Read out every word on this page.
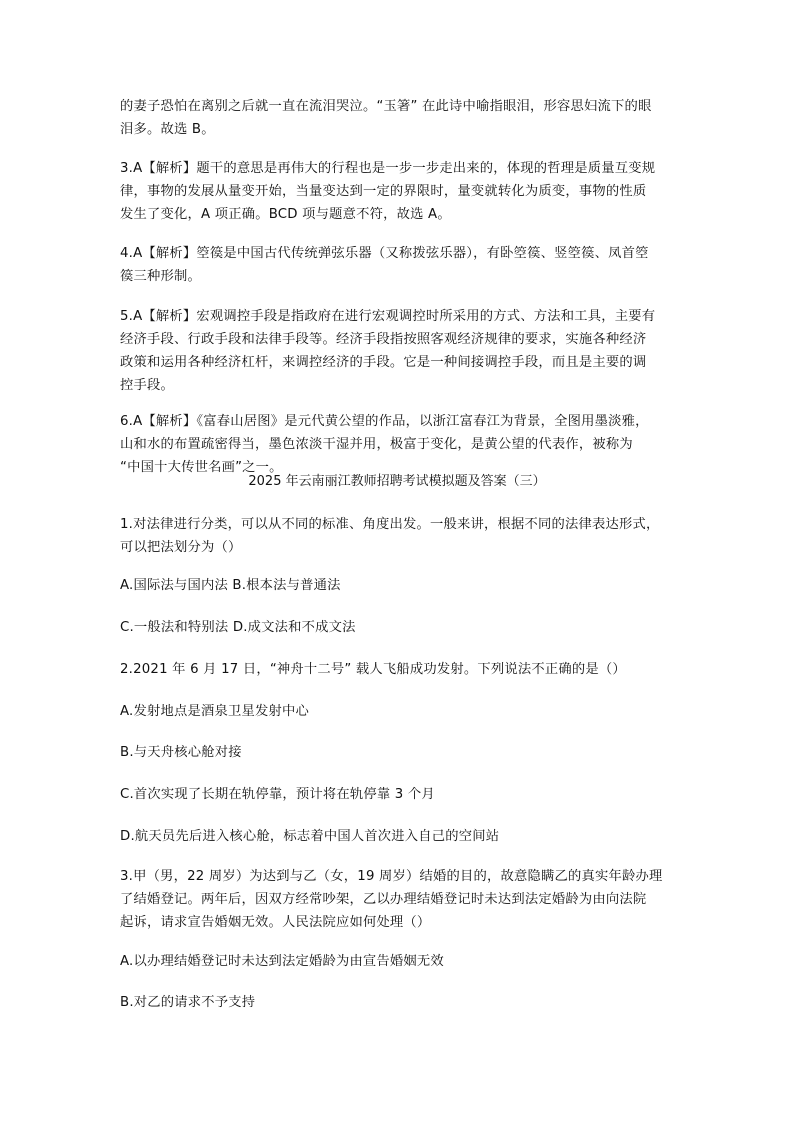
的妻子恐怕在离别之后就一直在流泪哭泣。“玉箸” 在此诗中喻指眼泪，形容思妇流下的眼
泪多。故选 B。
3.A【解析】题干的意思是再伟大的行程也是一步一步走出来的，体现的哲理是质量互变规
律，事物的发展从量变开始，当量变达到一定的界限时，量变就转化为质变，事物的性质
发生了变化，A 项正确。BCD 项与题意不符，故选 A。
4.A【解析】箜篌是中国古代传统弹弦乐器（又称拨弦乐器），有卧箜篌、竖箜篌、凤首箜
篌三种形制。
5.A【解析】宏观调控手段是指政府在进行宏观调控时所采用的方式、方法和工具，主要有
经济手段、行政手段和法律手段等。经济手段指按照客观经济规律的要求，实施各种经济
政策和运用各种经济杠杆，来调控经济的手段。它是一种间接调控手段，而且是主要的调
控手段。
6.A【解析】《富春山居图》是元代黄公望的作品，以浙江富春江为背景，全图用墨淡雅，
山和水的布置疏密得当，墨色浓淡干湿并用，极富于变化，是黄公望的代表作，被称为
“中国十大传世名画”之一。
2025 年云南丽江教师招聘考试模拟题及答案（三）
1.对法律进行分类，可以从不同的标准、角度出发。一般来讲，根据不同的法律表达形式，
可以把法划分为（）
A.国际法与国内法 B.根本法与普通法
C.一般法和特别法 D.成文法和不成文法
2.2021 年 6 月 17 日，“神舟十二号” 载人飞船成功发射。下列说法不正确的是（）
A.发射地点是酒泉卫星发射中心
B.与天舟核心舱对接
C.首次实现了长期在轨停靠，预计将在轨停靠 3 个月
D.航天员先后进入核心舱，标志着中国人首次进入自己的空间站
3.甲（男，22 周岁）为达到与乙（女，19 周岁）结婚的目的，故意隐瞒乙的真实年龄办理
了结婚登记。两年后，因双方经常吵架，乙以办理结婚登记时未达到法定婚龄为由向法院
起诉，请求宣告婚姻无效。人民法院应如何处理（）
A.以办理结婚登记时未达到法定婚龄为由宣告婚姻无效
B.对乙的请求不予支持
